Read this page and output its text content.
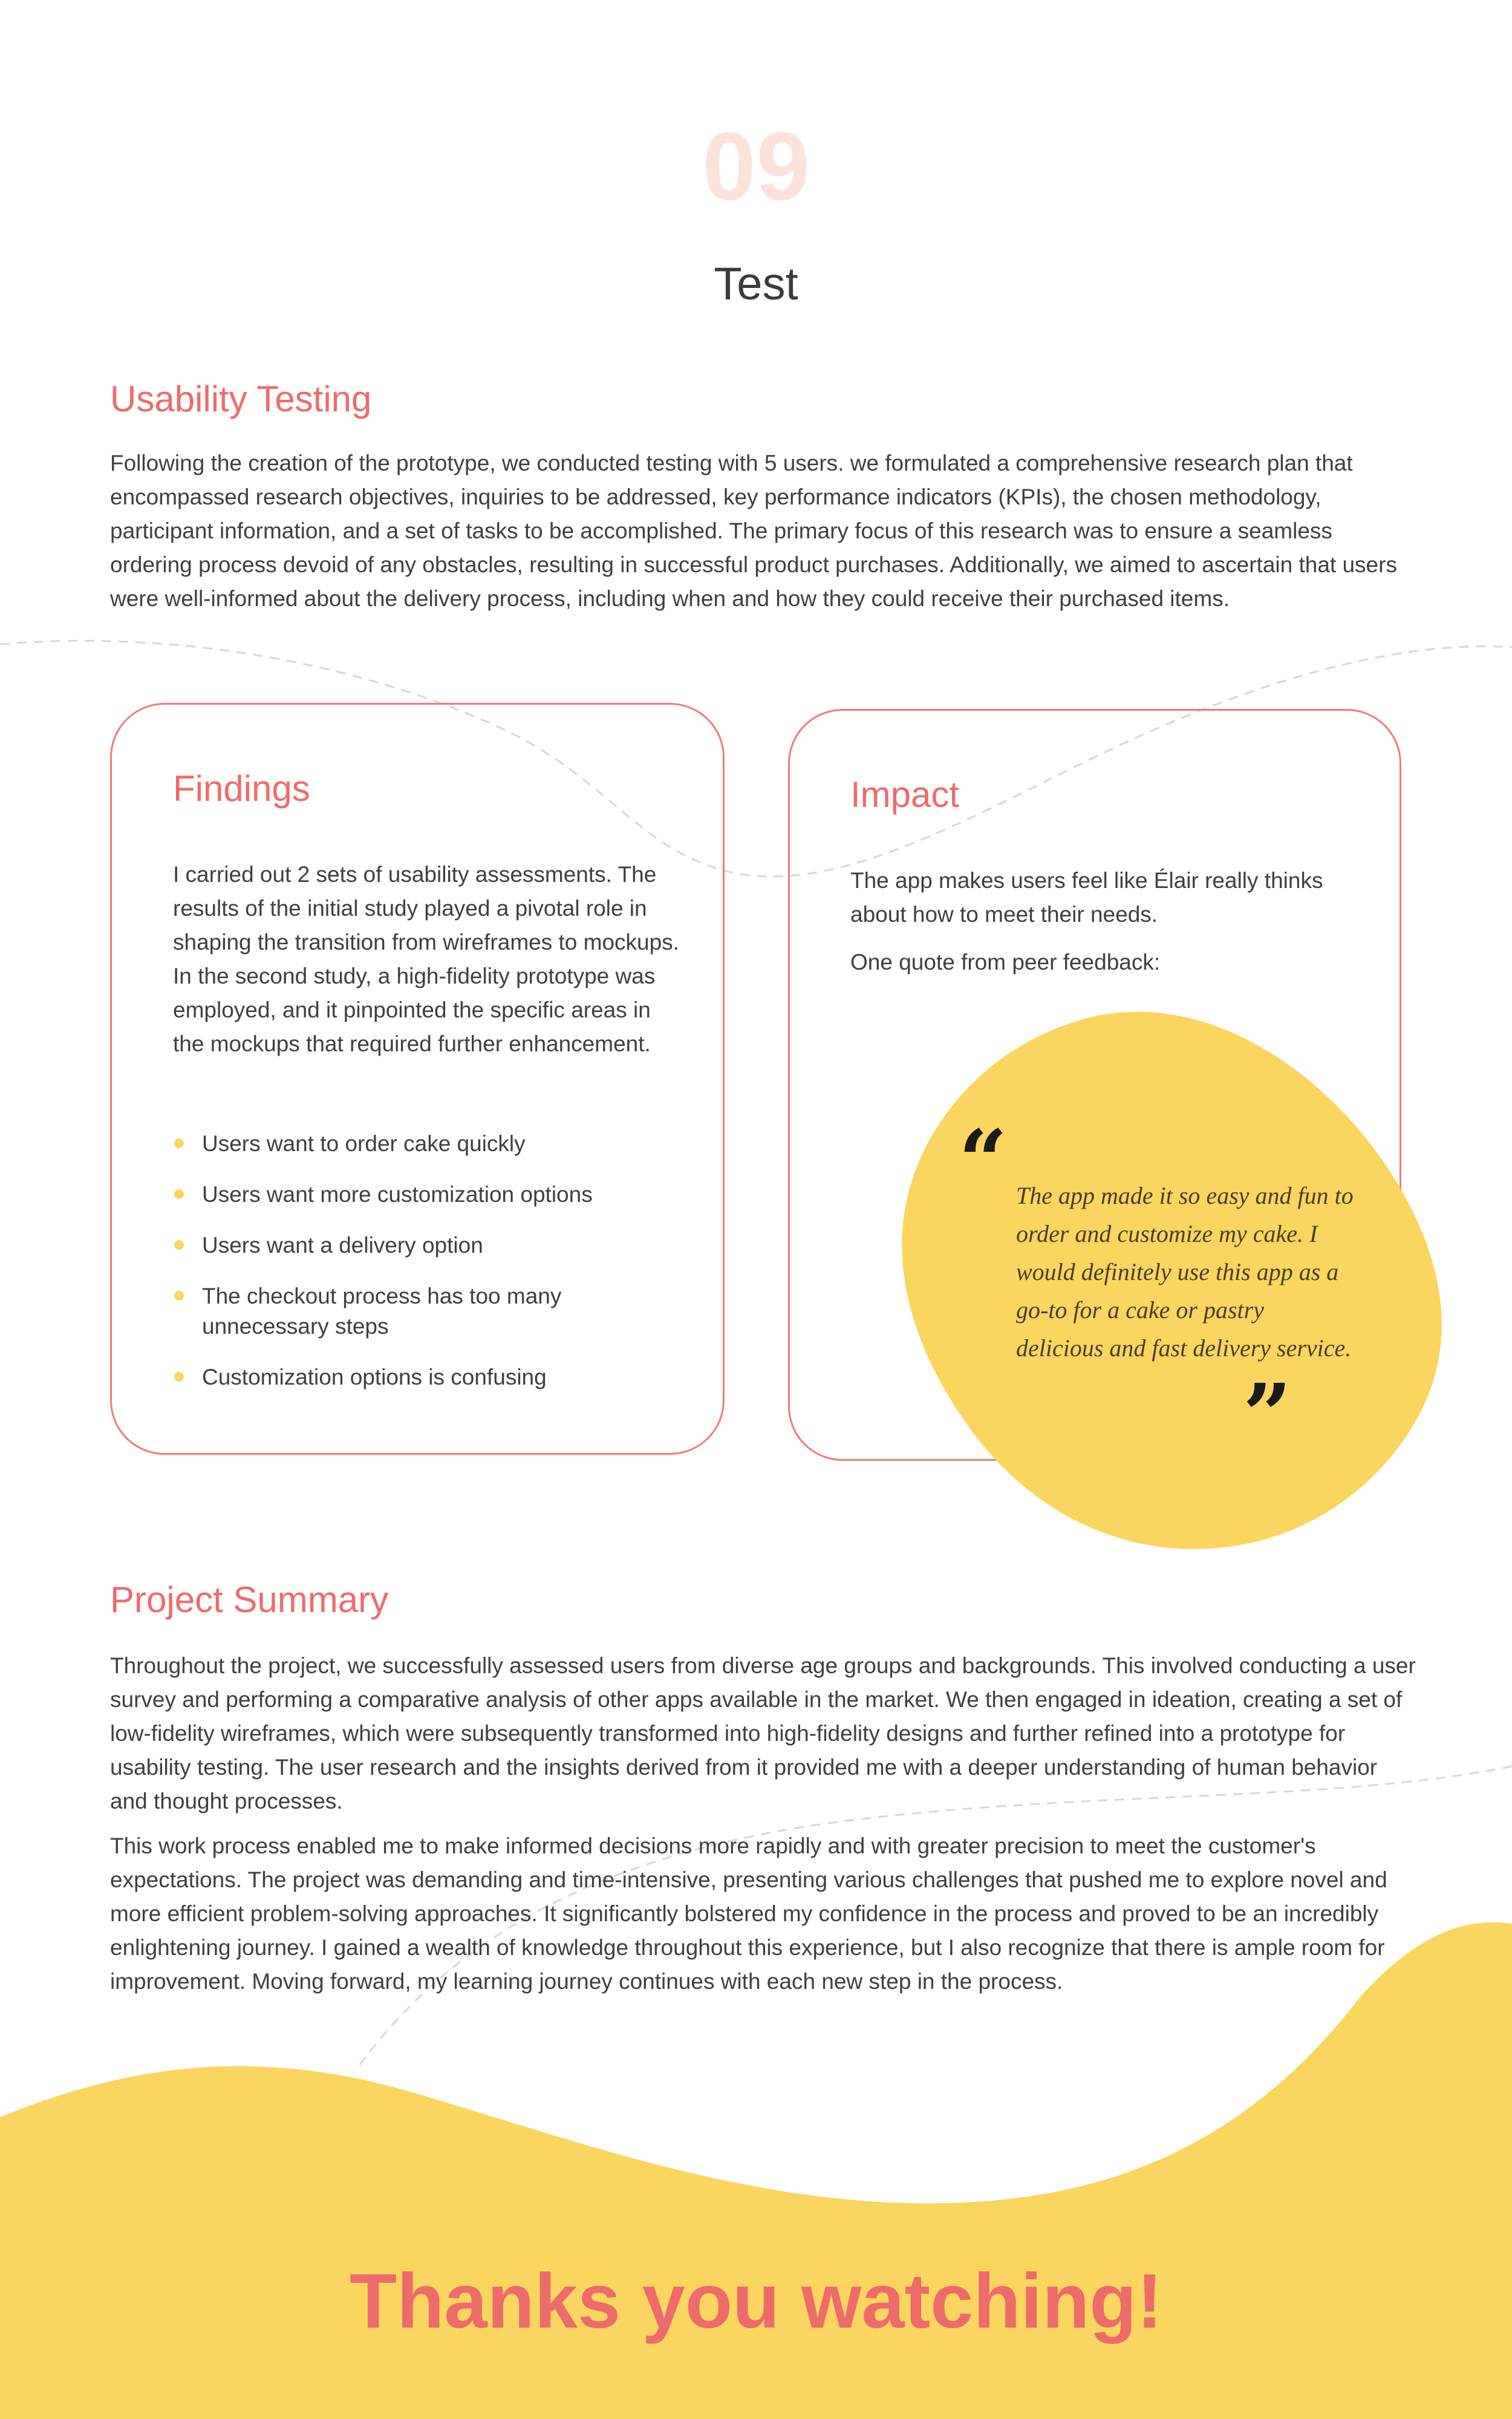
09
Test
Usability Testing

Following the creation of the prototype, we conducted testing with 5 users. we formulated a comprehensive research plan that encompassed research objectives, inquiries to be addressed, key performance indicators (KPIs), the chosen methodology, participant information, and a set of tasks to be accomplished. The primary focus of this research was to ensure a seamless ordering process devoid of any obstacles, resulting in successful product purchases. Additionally, we aimed to ascertain that users were well-informed about the delivery process, including when and how they could receive their purchased items.

Findings

I carried out 2 sets of usability assessments. The results of the initial study played a pivotal role in shaping the transition from wireframes to mockups. In the second study, a high-fidelity prototype was employed, and it pinpointed the specific areas in the mockups that required further enhancement.

Users want to order cake quickly
Users want more customization options
Users want a delivery option
The checkout process has too many unnecessary steps
Customization options is confusing
Impact

The app makes users feel like Élair really thinks about how to meet their needs.

One quote from peer feedback:

“ The app made it so easy and fun to order and customize my cake. I would definitely use this app as a go-to for a cake or pastry delicious and fast delivery service.
”
Project Summary

Throughout the project, we successfully assessed users from diverse age groups and backgrounds. This involved conducting a user survey and performing a comparative analysis of other apps available in the market. We then engaged in ideation, creating a set of low-fidelity wireframes, which were subsequently transformed into high-fidelity designs and further refined into a prototype for usability testing. The user research and the insights derived from it provided me with a deeper understanding of human behavior and thought processes.

This work process enabled me to make informed decisions more rapidly and with greater precision to meet the customer's expectations. The project was demanding and time-intensive, presenting various challenges that pushed me to explore novel and more efficient problem-solving approaches. It significantly bolstered my confidence in the process and proved to be an incredibly enlightening journey. I gained a wealth of knowledge throughout this experience, but I also recognize that there is ample room for improvement. Moving forward, my learning journey continues with each new step in the process.

Thanks you watching!
